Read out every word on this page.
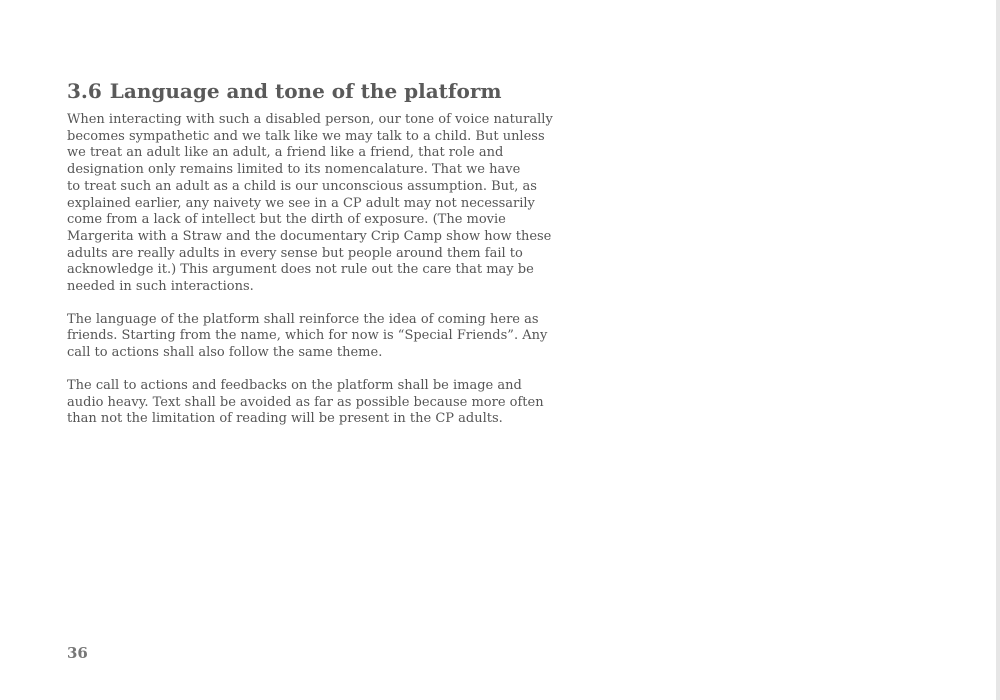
3.6 Language and tone of the platform

When interacting with such a disabled person, our tone of voice naturally
becomes sympathetic and we talk like we may talk to a child. But unless
we treat an adult like an adult, a friend like a friend, that role and
designation only remains limited to its nomencalature. That we have
to treat such an adult as a child is our unconscious assumption. But, as
explained earlier, any naivety we see in a CP adult may not necessarily
come from a lack of intellect but the dirth of exposure. (The movie
Margerita with a Straw and the documentary Crip Camp show how these
adults are really adults in every sense but people around them fail to
acknowledge it.) This argument does not rule out the care that may be
needed in such interactions.

The language of the platform shall reinforce the idea of coming here as
friends. Starting from the name, which for now is “Special Friends”. Any
call to actions shall also follow the same theme.

The call to actions and feedbacks on the platform shall be image and
audio heavy. Text shall be avoided as far as possible because more often
than not the limitation of reading will be present in the CP adults.

36
